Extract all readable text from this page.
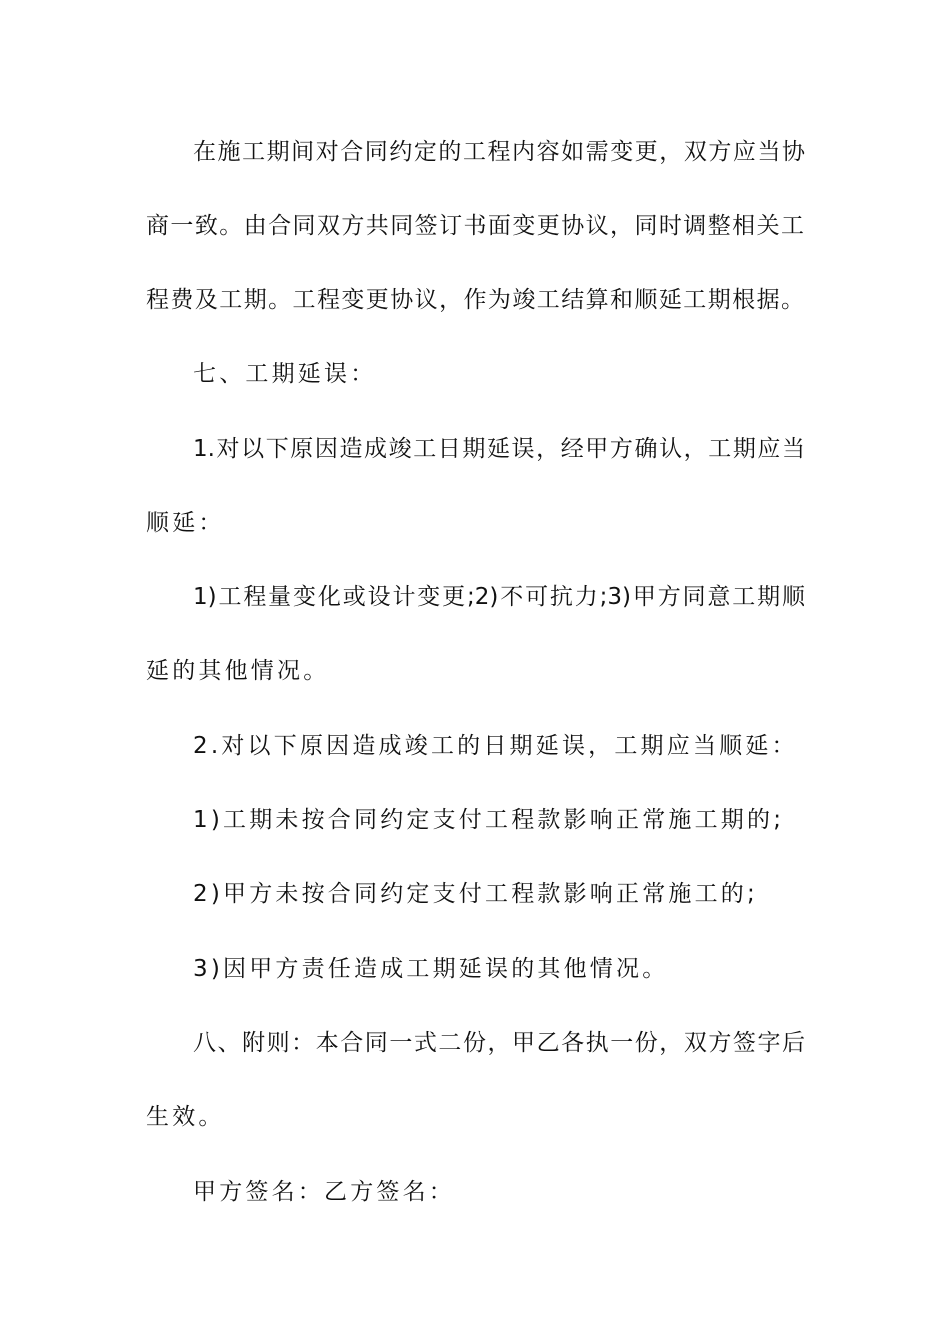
在施工期间对合同约定的工程内容如需变更，双方应当协
商一致。由合同双方共同签订书面变更协议，同时调整相关工
程费及工期。工程变更协议，作为竣工结算和顺延工期根据。
七、工期延误：
1.对以下原因造成竣工日期延误，经甲方确认，工期应当
顺延：
1)工程量变化或设计变更;2)不可抗力;3)甲方同意工期顺
延的其他情况。
2.对以下原因造成竣工的日期延误，工期应当顺延：
1)工期未按合同约定支付工程款影响正常施工期的;
2)甲方未按合同约定支付工程款影响正常施工的;
3)因甲方责任造成工期延误的其他情况。
八、附则：本合同一式二份，甲乙各执一份，双方签字后
生效。
甲方签名：乙方签名：
